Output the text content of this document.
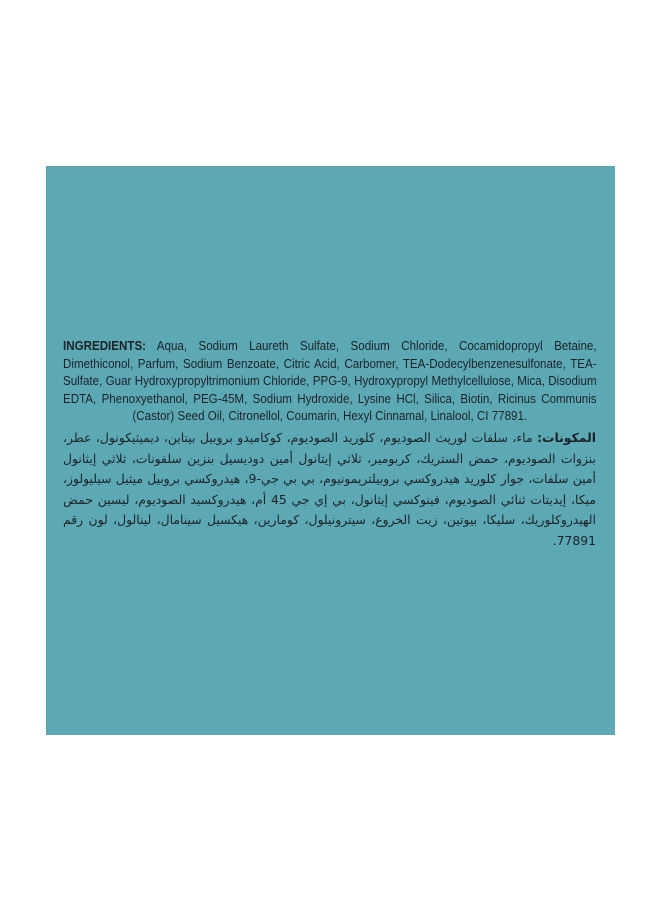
INGREDIENTS: Aqua, Sodium Laureth Sulfate, Sodium Chloride, Cocamidopropyl Betaine, Dimethiconol, Parfum, Sodium Benzoate, Citric Acid, Carbomer, TEA-Dodecylbenzenesulfonate, TEA-Sulfate, Guar Hydroxypropyltrimonium Chloride, PPG-9, Hydroxypropyl Methylcellulose, Mica, Disodium EDTA, Phenoxyethanol, PEG-45M, Sodium Hydroxide, Lysine HCl, Silica, Biotin, Ricinus Communis (Castor) Seed Oil, Citronellol, Coumarin, Hexyl Cinnamal, Linalool, CI 77891.

المكونات: ماء، سلفات لوريث الصوديوم، كلوريد الصوديوم، كوكاميدو بروبيل بيتاين، ديميثيكونول، عطر، بنزوات الصوديوم، حمض الستريك، كربومير، ثلاثي إيثانول أمين دوديسيل بنزين سلفونات، ثلاثي إيثانول أمين سلفات، جوار كلوريد هيدروكسي بروبيلتريمونيوم، بي بي جي-9، هيدروكسي بروبيل ميثيل سيليولوز، ميكا، إيديتات ثنائي الصوديوم، فينوكسي إيثانول، بي إي جي 45 أم، هيدروكسيد الصوديوم، ليسين حمض الهيدروكلوريك، سليكا، بيوتين، زيت الخروع، سيترونيلول، كومارين، هيكسيل سينامال، لينالول، لون رقم 77891.
